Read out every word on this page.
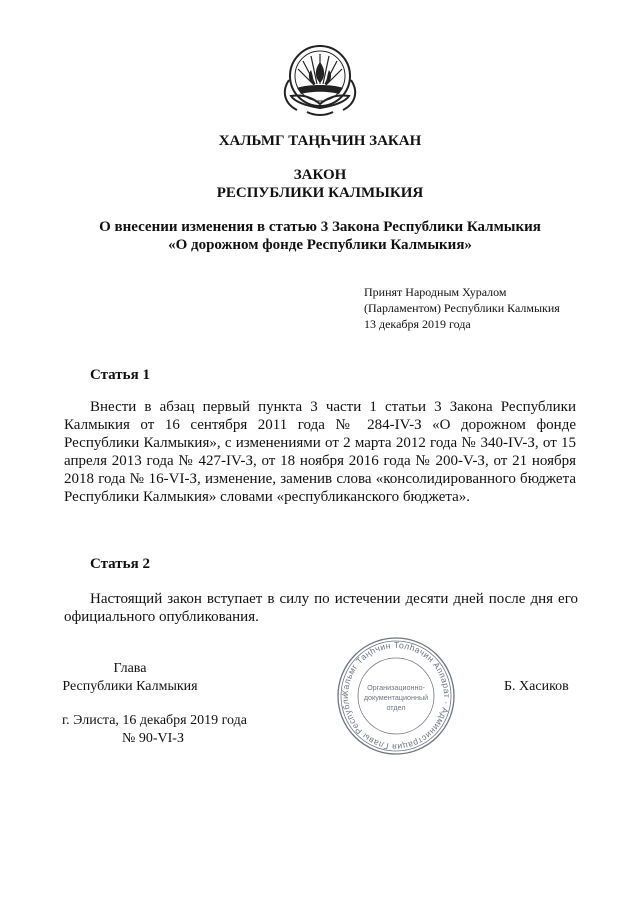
ХАЛЬМГ ТАҢҺЧИН ЗАКАН
ЗАКОН
РЕСПУБЛИКИ КАЛМЫКИЯ
О внесении изменения в статью 3 Закона Республики Калмыкия
«О дорожном фонде Республики Калмыкия»
Принят Народным Хуралом
(Парламентом) Республики Калмыкия
13 декабря 2019 года
Статья 1
Внести в абзац первый пункта 3 части 1 статьи 3 Закона Республики Калмыкия от 16 сентября 2011 года № 284-IV-З «О дорожном фонде Республики Калмыкия», с изменениями от 2 марта 2012 года № 340-IV-З, от 15 апреля 2013 года № 427-IV-З, от 18 ноября 2016 года № 200-V-З, от 21 ноября 2018 года № 16-VI-З, изменение, заменив слова «консолидированного бюджета Республики Калмыкия» словами «республиканского бюджета».
Статья 2
Настоящий закон вступает в силу по истечении десяти дней после дня его официального опубликования.
Глава
Республики Калмыкия	Б. Хасиков
г. Элиста, 16 декабря 2019 года
№ 90-VI-З
Хальмг Таңһчин Толһачин Аппарат · Администрация Главы Республи
Организационно-
документационный
отдел
